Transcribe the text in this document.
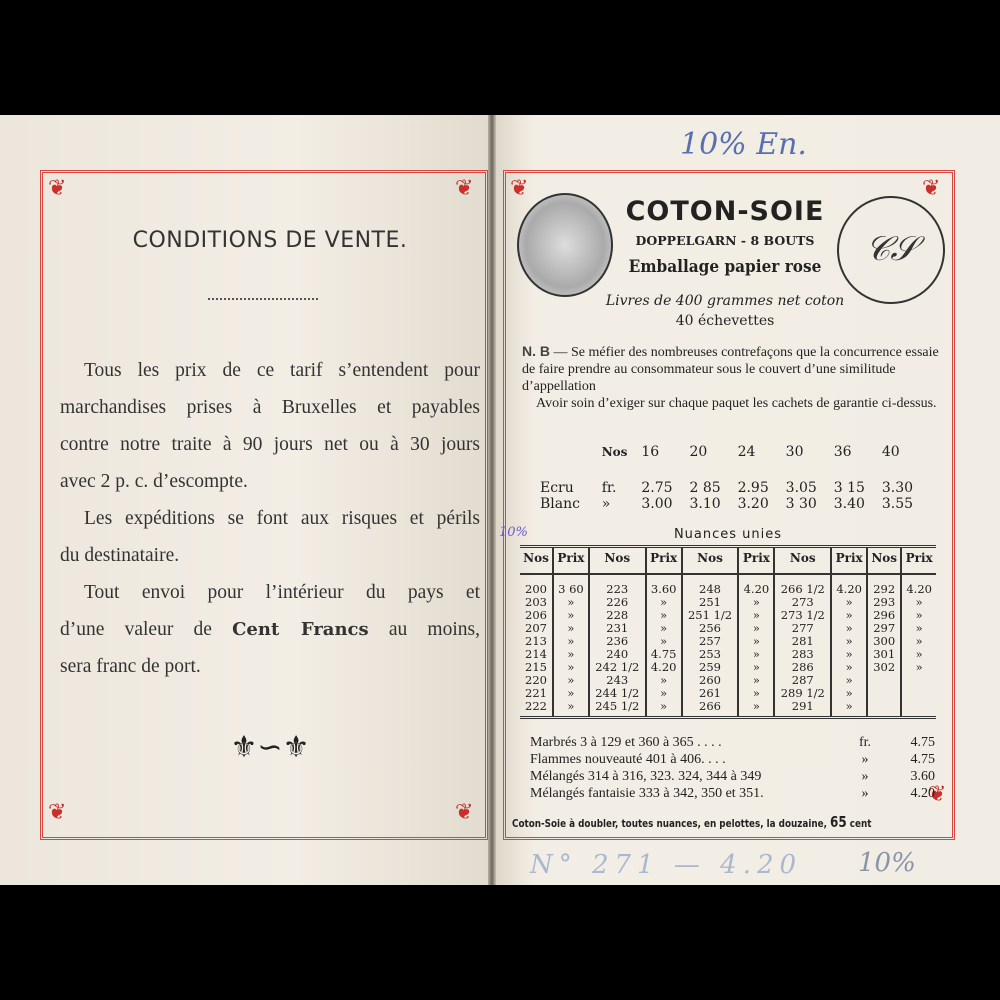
❦	❦
❦	❦
CONDITIONS DE VENTE.
Tous les prix de ce tarif s’entendent pour
marchandises prises à Bruxelles et payables
contre notre traite à 90 jours net ou à 30 jours
avec 2 p. c. d’escompte.
Les expéditions se font aux risques et périls
du destinataire.
Tout envoi pour l’intérieur du pays et
d’une valeur de Cent Francs au moins,
sera franc de port.
⚜∽⚜
❦	❦
❦
𝒞𝒮
COTON-SOIE
DOPPELGARN - 8 BOUTS
Emballage papier rose
Livres de 400 grammes net coton
40 échevettes
N. B — Se méfier des nombreuses contrefaçons que la concurrence essaie de faire prendre au consommateur sous le couvert d’une similitude d’appellation
Avoir soin d’exiger sur chaque paquet les cachets de garantie ci-dessus.
	Nos	16	20	24	30	36	40

Ecru	fr.	2.75	2 85	2.95	3.05	3 15	3.30
Blanc	»	3.00	3.10	3.20	3 30	3.40	3.55
Nuances unies
Nos	Prix	Nos	Prix	Nos	Prix	Nos	Prix	Nos	Prix
200	3 60	223	3.60	248	4.20	266 1/2	4.20	292	4.20
203	»	226	»	251	»	273	»	293	»
206	»	228	»	251 1/2	»	273 1/2	»	296	»
207	»	231	»	256	»	277	»	297	»
213	»	236	»	257	»	281	»	300	»
214	»	240	4.75	253	»	283	»	301	»
215	»	242 1/2	4.20	259	»	286	»	302	»
220	»	243	»	260	»	287	»		
221	»	244 1/2	»	261	»	289 1/2	»		
222	»	245 1/2	»	266	»	291	»		
Marbrés 3 à 129 et 360 à 365 . . . .	fr.	4.75
Flammes nouveauté 401 à 406. . . .	»	4.75
Mélangés 314 à 316, 323. 324, 344 à 349	»	3.60
Mélangés fantaisie 333 à 342, 350 et 351.	»	4.20
Coton-Soie à doubler, toutes nuances, en pelottes, la douzaine, 65 cent
10% En.
10%
N° 271 — 4.20 10%
